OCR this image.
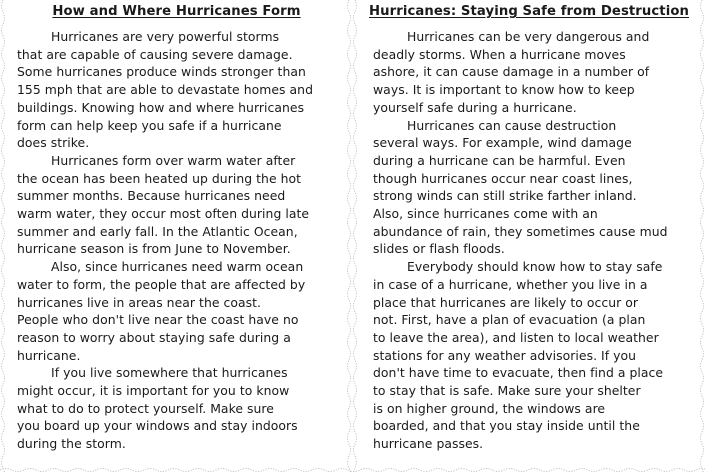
How and Where Hurricanes Form
Hurricanes are very powerful storms
that are capable of causing severe damage.
Some hurricanes produce winds stronger than
155 mph that are able to devastate homes and
buildings. Knowing how and where hurricanes
form can help keep you safe if a hurricane
does strike.
Hurricanes form over warm water after
the ocean has been heated up during the hot
summer months. Because hurricanes need
warm water, they occur most often during late
summer and early fall. In the Atlantic Ocean,
hurricane season is from June to November.
Also, since hurricanes need warm ocean
water to form, the people that are affected by
hurricanes live in areas near the coast.
People who don't live near the coast have no
reason to worry about staying safe during a
hurricane.
If you live somewhere that hurricanes
might occur, it is important for you to know
what to do to protect yourself. Make sure
you board up your windows and stay indoors
during the storm.
Hurricanes: Staying Safe from Destruction
Hurricanes can be very dangerous and
deadly storms. When a hurricane moves
ashore, it can cause damage in a number of
ways. It is important to know how to keep
yourself safe during a hurricane.
Hurricanes can cause destruction
several ways. For example, wind damage
during a hurricane can be harmful. Even
though hurricanes occur near coast lines,
strong winds can still strike farther inland.
Also, since hurricanes come with an
abundance of rain, they sometimes cause mud
slides or flash floods.
Everybody should know how to stay safe
in case of a hurricane, whether you live in a
place that hurricanes are likely to occur or
not. First, have a plan of evacuation (a plan
to leave the area), and listen to local weather
stations for any weather advisories. If you
don't have time to evacuate, then find a place
to stay that is safe. Make sure your shelter
is on higher ground, the windows are
boarded, and that you stay inside until the
hurricane passes.
